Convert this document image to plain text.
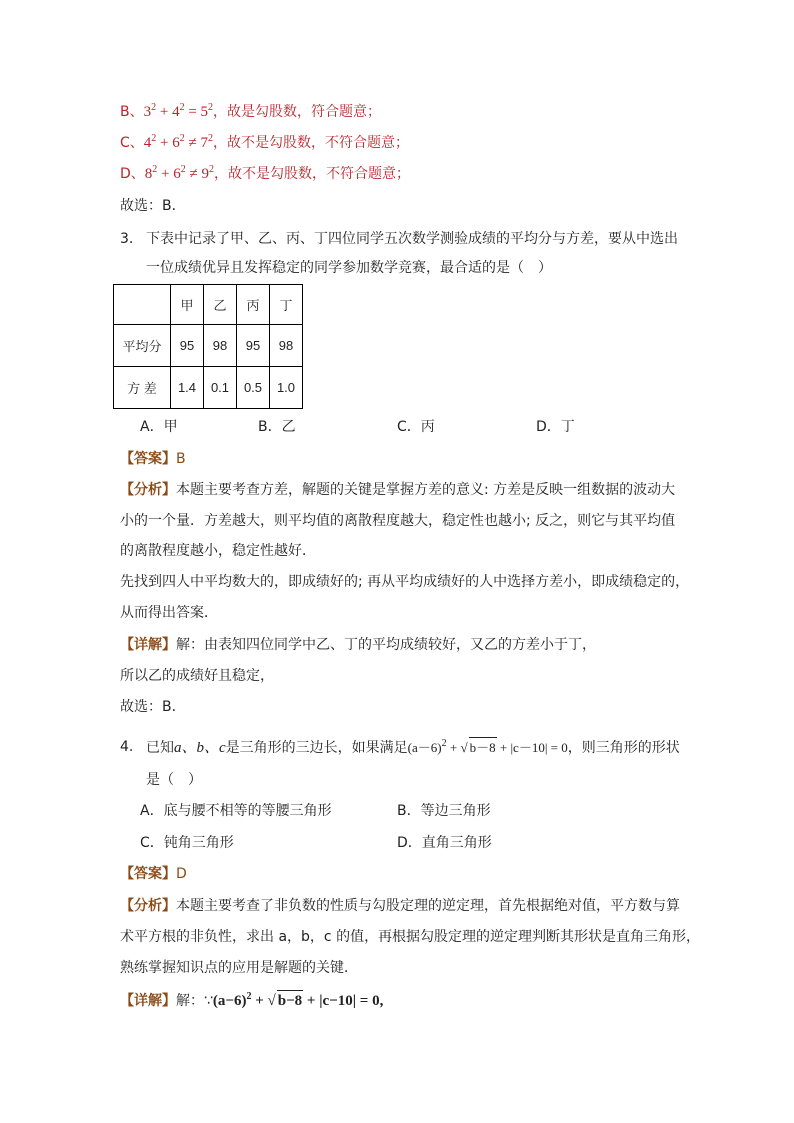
B、$3^2 + 4^2 = 5^2$，故是勾股数，符合题意；
C、$4^2 + 6^2 \ne 7^2$，故不是勾股数，不符合题意；
D、$8^2 + 6^2 \ne 9^2$，故不是勾股数，不符合题意；
故选：B．
3. 下表中记录了甲、乙、丙、丁四位同学五次数学测验成绩的平均分与方差，要从中选出
一位成绩优异且发挥稳定的同学参加数学竞赛，最合适的是（　）
	甲	乙	丙	丁
平均分	95	98	95	98
方 差	1.4	0.1	0.5	1.0
A．甲	B．乙	C．丙	D．丁
【答案】B
【分析】本题主要考查方差，解题的关键是掌握方差的意义: 方差是反映一组数据的波动大
小的一个量．方差越大，则平均值的离散程度越大，稳定性也越小; 反之，则它与其平均值
的离散程度越小，稳定性越好．
先找到四人中平均数大的，即成绩好的; 再从平均成绩好的人中选择方差小，即成绩稳定的，
从而得出答案．
【详解】解：由表知四位同学中乙、丁的平均成绩较好，又乙的方差小于丁，
所以乙的成绩好且稳定，
故选：B．
4. 已知a、b、c是三角形的三边长，如果满足$(a-6)^2$ + √ b－8 + |c－10| = 0，则三角形的形状
是（　）
A．底与腰不相等的等腰三角形	B．等边三角形
C．钝角三角形	D．直角三角形
【答案】D
【分析】本题主要考查了非负数的性质与勾股定理的逆定理，首先根据绝对值，平方数与算
术平方根的非负性，求出 a，b，c 的值，再根据勾股定理的逆定理判断其形状是直角三角形，
熟练掌握知识点的应用是解题的关键．
【详解】解：$\because(a-6)^2$ + √ b−8 + |c−10| = 0,
